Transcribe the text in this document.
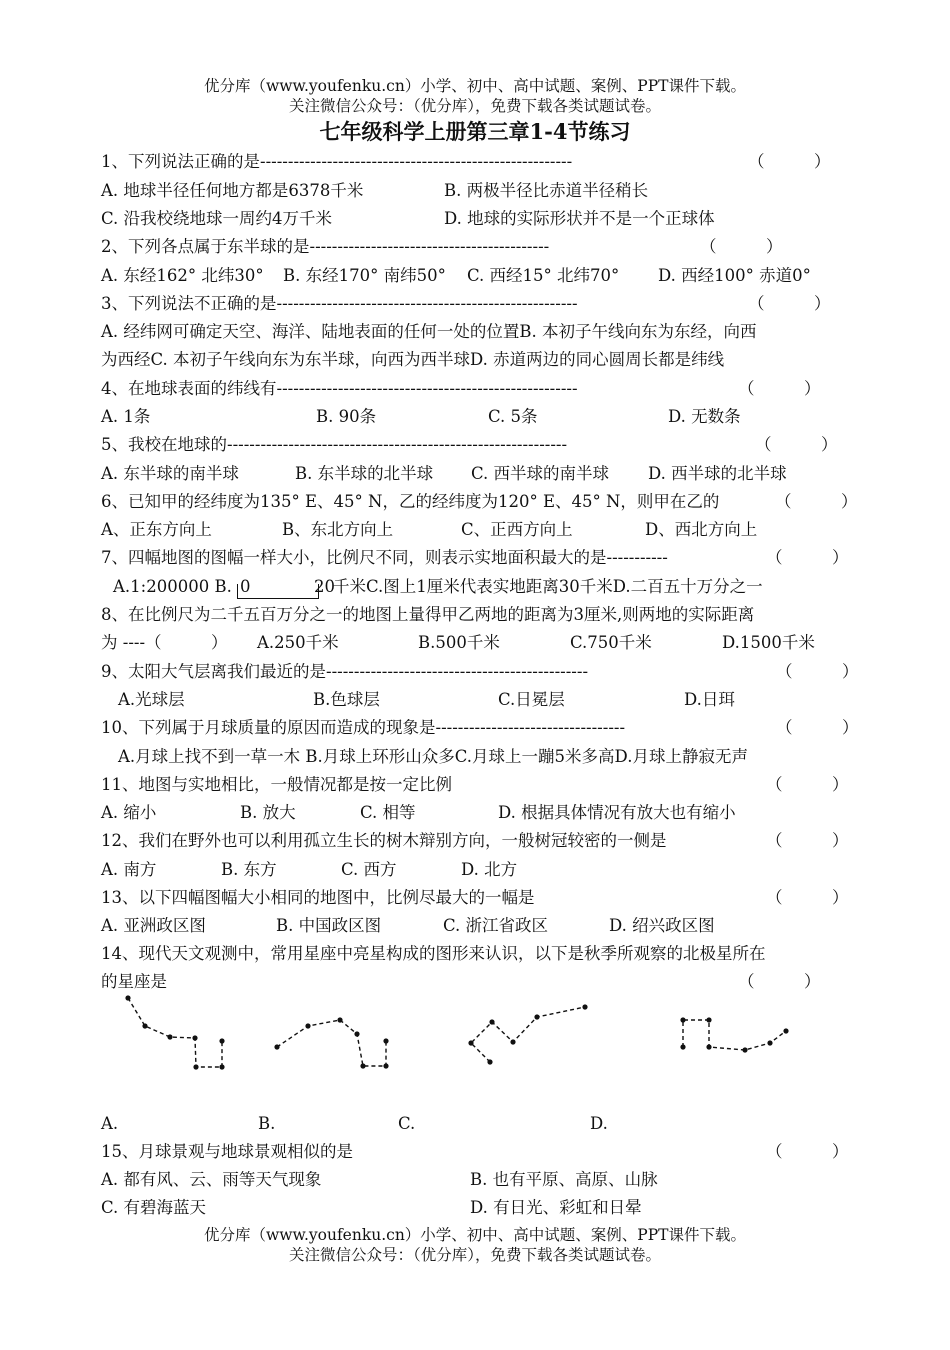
优分库（www.youfenku.cn）小学、初中、高中试题、案例、PPT课件下载。
关注微信公众号：（优分库），免费下载各类试题试卷。
七年级科学上册第三章1-4节练习
1、下列说法正确的是--------------------------------------------------------	（　　　）
A. 地球半径任何地方都是6378千米	B. 两极半径比赤道半径稍长
C. 沿我校绕地球一周约4万千米	D. 地球的实际形状并不是一个正球体
2、下列各点属于东半球的是-------------------------------------------	（　　　）
A. 东经162° 北纬30° B. 东经170° 南纬50° C. 西经15° 北纬70° D. 西经100° 赤道0°
3、下列说法不正确的是------------------------------------------------------	（　　　）
A. 经纬网可确定天空、海洋、陆地表面的任何一处的位置B. 本初子午线向东为东经，向西
为西经C. 本初子午线向东为东半球，向西为西半球D. 赤道两边的同心圆周长都是纬线
4、在地球表面的纬线有------------------------------------------------------	（　　　）
A. 1条	B. 90条	C. 5条	D. 无数条
5、我校在地球的-------------------------------------------------------------	（　　　）
A. 东半球的南半球	B. 东半球的北半球 C. 西半球的南半球 D. 西半球的北半球
6、已知甲的经纬度为135° E、45° N，乙的经纬度为120° E、45° N，则甲在乙的	（　　　）
A、正东方向上	B、东北方向上	C、正西方向上	D、西北方向上
7、四幅地图的图幅一样大小，比例尺不同，则表示实地面积最大的是-----------	（　　　）
A.1:200000 B. 0	20
千米C.图上1厘米代表实地距离30千米D.二百五十万分之一
8、在比例尺为二千五百万分之一的地图上量得甲乙两地的距离为3厘米,则两地的实际距离
为 ----（　　　） A.250千米	B.500千米	C.750千米	D.1500千米
9、太阳大气层离我们最近的是-----------------------------------------------	（　　　）
A.光球层	B.色球层	C.日冕层	D.日珥
10、下列属于月球质量的原因而造成的现象是----------------------------------	（　　　）
A.月球上找不到一草一木 B.月球上环形山众多C.月球上一蹦5米多高D.月球上静寂无声
11、地图与实地相比，一般情况都是按一定比例	（　　　）
A. 缩小	B. 放大	C. 相等	D. 根据具体情况有放大也有缩小
12、我们在野外也可以利用孤立生长的树木辩别方向，一般树冠较密的一侧是	（　　　）
A. 南方	B. 东方	C. 西方	D. 北方
13、以下四幅图幅大小相同的地图中，比例尽最大的一幅是	（　　　）
A. 亚洲政区图	B. 中国政区图	C. 浙江省政区	D. 绍兴政区图
14、现代天文观测中，常用星座中亮星构成的图形来认识，以下是秋季所观察的北极星所在
的星座是	（　　　）
A.	B.	C.	D.
15、月球景观与地球景观相似的是	（　　　）
A. 都有风、云、雨等天气现象	B. 也有平原、高原、山脉
C. 有碧海蓝天	D. 有日光、彩虹和日晕
优分库（www.youfenku.cn）小学、初中、高中试题、案例、PPT课件下载。
关注微信公众号：（优分库），免费下载各类试题试卷。
